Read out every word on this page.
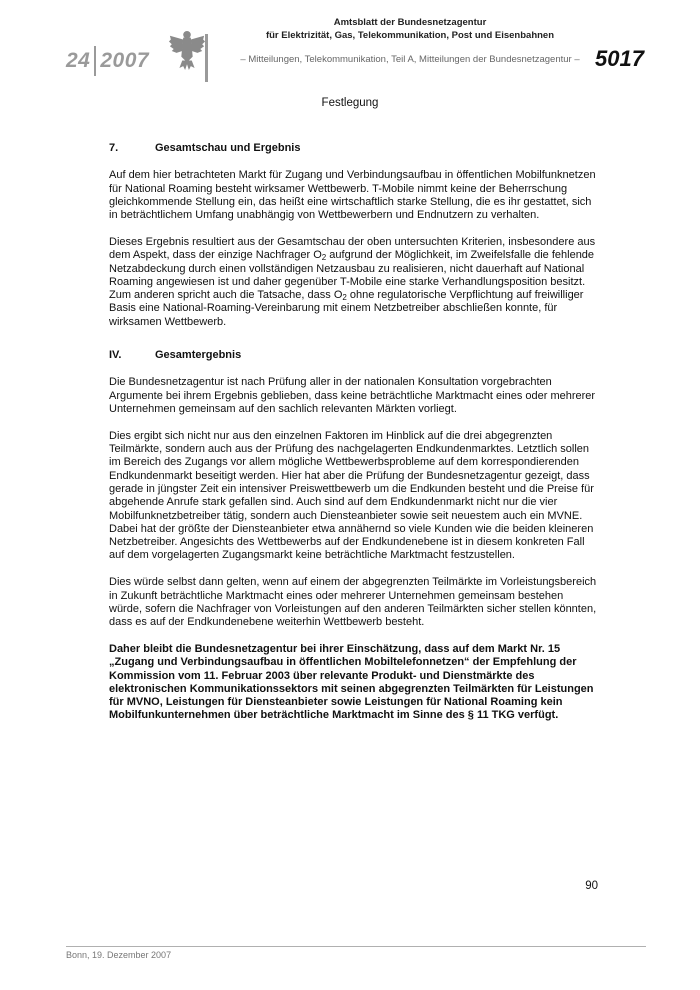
24 2007
Amtsblatt der Bundesnetzagentur
für Elektrizität, Gas, Telekommunikation, Post und Eisenbahnen
– Mitteilungen, Telekommunikation, Teil A, Mitteilungen der Bundesnetzagentur – 5017
Festlegung
7.	Gesamtschau und Ergebnis

Auf dem hier betrachteten Markt für Zugang und Verbindungsaufbau in öffentlichen Mobilfunknetzen für National Roaming besteht wirksamer Wettbewerb. T-Mobile nimmt keine der Beherrschung gleichkommende Stellung ein, das heißt eine wirtschaftlich starke Stellung, die es ihr gestattet, sich in beträchtlichem Umfang unabhängig von Wettbewerbern und Endnutzern zu verhalten.

Dieses Ergebnis resultiert aus der Gesamtschau der oben untersuchten Kriterien, insbesondere aus dem Aspekt, dass der einzige Nachfrager $O_2$ aufgrund der Möglichkeit, im Zweifelsfalle die fehlende Netzabdeckung durch einen vollständigen Netzausbau zu realisieren, nicht dauerhaft auf National Roaming angewiesen ist und daher gegenüber T-Mobile eine starke Verhandlungsposition besitzt. Zum anderen spricht auch die Tatsache, dass $O_2$ ohne regulatorische Verpflichtung auf freiwilliger Basis eine National-Roaming-Vereinbarung mit einem Netzbetreiber abschließen konnte, für wirksamen Wettbewerb.

IV.	Gesamtergebnis

Die Bundesnetzagentur ist nach Prüfung aller in der nationalen Konsultation vorgebrachten Argumente bei ihrem Ergebnis geblieben, dass keine beträchtliche Marktmacht eines oder mehrerer Unternehmen gemeinsam auf den sachlich relevanten Märkten vorliegt.

Dies ergibt sich nicht nur aus den einzelnen Faktoren im Hinblick auf die drei abgegrenzten Teilmärkte, sondern auch aus der Prüfung des nachgelagerten Endkundenmarktes. Letztlich sollen im Bereich des Zugangs vor allem mögliche Wettbewerbsprobleme auf dem korrespondierenden Endkundenmarkt beseitigt werden. Hier hat aber die Prüfung der Bundesnetzagentur gezeigt, dass gerade in jüngster Zeit ein intensiver Preiswettbewerb um die Endkunden besteht und die Preise für abgehende Anrufe stark gefallen sind. Auch sind auf dem Endkundenmarkt nicht nur die vier Mobilfunknetzbetreiber tätig, sondern auch Diensteanbieter sowie seit neuestem auch ein MVNE. Dabei hat der größte der Diensteanbieter etwa annähernd so viele Kunden wie die beiden kleineren Netzbetreiber. Angesichts des Wettbewerbs auf der Endkundenebene ist in diesem konkreten Fall auf dem vorgelagerten Zugangsmarkt keine beträchtliche Marktmacht festzustellen.

Dies würde selbst dann gelten, wenn auf einem der abgegrenzten Teilmärkte im Vorleistungsbereich in Zukunft beträchtliche Marktmacht eines oder mehrerer Unternehmen gemeinsam bestehen würde, sofern die Nachfrager von Vorleistungen auf den anderen Teilmärkten sicher stellen könnten, dass es auf der Endkundenebene weiterhin Wettbewerb besteht.

Daher bleibt die Bundesnetzagentur bei ihrer Einschätzung, dass auf dem Markt Nr. 15 „Zugang und Verbindungsaufbau in öffentlichen Mobiltelefonnetzen“ der Empfehlung der Kommission vom 11. Februar 2003 über relevante Produkt- und Dienstmärkte des elektronischen Kommunikationssektors mit seinen abgegrenzten Teilmärkten für Leistungen für MVNO, Leistungen für Diensteanbieter sowie Leistungen für National Roaming kein Mobilfunkunternehmen über beträchtliche Marktmacht im Sinne des § 11 TKG verfügt.

90
Bonn, 19. Dezember 2007
